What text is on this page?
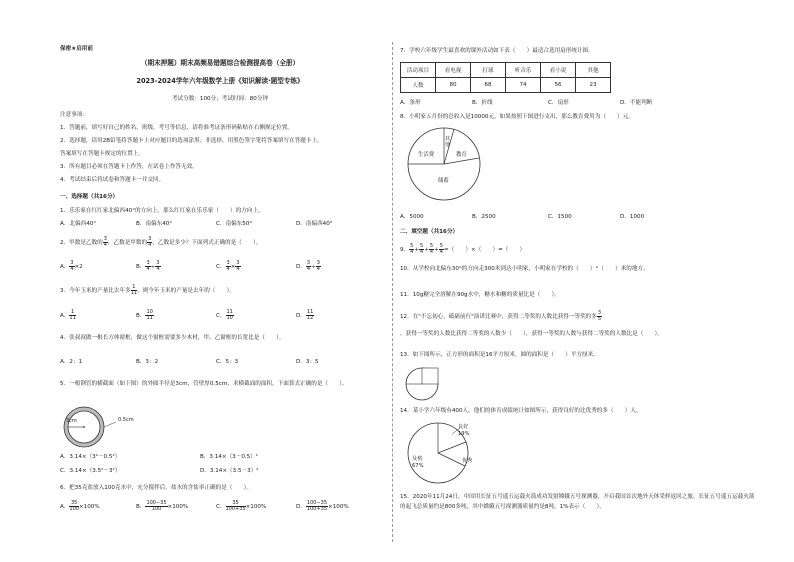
保密★启用前
（期末押题）期末高频易错题综合检测提高卷（全册）
2023-2024学年六年级数学上册《知识解读·题型专练》
考试分数：100分；考试时间：80分钟
注意事项：
1．答题前，填写好自己的姓名、班级、考号等信息，请将准考证条形码粘贴在右侧规定位置。
2．选择题，请用2B铅笔将答题卡上对应题目的选项涂黑；非选择，用黑色签字笔将答案填写在答题卡上。
答案填写在答题卡规定的位置上。
3．所有题目必须在答题卡上作答，在试卷上作答无效。
4．考试结束后将试卷和答题卡一并交回。
一、选择题（共16分）
1．乐乐家在红红家北偏西40°的方向上，那么红红家在乐乐家（　　）的方向上。
A．北偏西40°	B．南偏东40°	C．南偏东50°	D．南偏西40°
2．甲数是乙数的 $\frac{3}{4}$ ，乙数是甲数的 $\frac{3}{4}$ ，乙数是多少？下面列式正确的是（　　）。
A． $\frac{3}{4} \times 2$	B． $\frac{3}{4} \div \frac{3}{4}$	C． $\frac{3}{4} \times \frac{3}{4}$	D． $\frac{3}{4} \div \frac{3}{4}$
3．今年玉米的产量比去年多 $\frac{1}{11}$ ，则今年玉米的产量是去年的（　　）。
A． $\frac{1}{11}$	B． $\frac{10}{11}$	C． $\frac{11}{10}$	D． $\frac{11}{12}$
4．张叔叔做一根长方体窗框，做这个窗框需要多少木材，甲、乙窗框的长宽比是（　　）。
A．2：1	B．3：2	C．5：3	D．3：5
5．一根钢管的横截面（如下图）的外圆半径是3cm，管壁厚0.5cm，求横截面的面积，下面算式正确的是（　　）。
3cm	0.5cm
A．3.14×（3²－0.5²）	B．3.14×（3－0.5）²
C．3.14×（3.5²－3²）	D．3.14×（3.5－3）²
6．把35克盐放入100克水中，充分搅拌后，盐水的含盐率正确的是（　　）。
A． $\frac{35}{100} \times 100\%$	B． $\frac{100-35}{100} \times 100\%$	C． $\frac{35}{100+35} \times 100\%$	D． $\frac{100-35}{100+35} \times 100\%$
7．学校六年级学生最喜欢的课外活动如下表（　　）最适合选用扇形统计图。
活动项目	看电视	打球	听音乐	看小说	其他
人数	80	68	74	56	23
A．条形	B．折线	C．扇形	D．不能判断
8．小明家五月份的总收入是10000元，如果按照下图进行支出，那么教育费用为（　　）元。
教育
生活费
储蓄
其他
A．5000	B．2500	C．1500	D．1000
二、填空题（共16分）
9． $\frac{5}{4} + \frac{5}{4} + \frac{5}{4} + \frac{5}{4}$ =（　　）×（　　）=（　　）
10．从学校向北偏东30°的方向走300米到达小明家，小明家在学校的（　　）°（　　）米的地方。
11．10g糖完全溶解在90g水中，糖水和糖的质量比是（　　）。
12．在"不忘初心，砥砺前行"演讲比赛中，获得二等奖的人数比获得一等奖的多 $\frac{3}{5}$
，获得一等奖的人数比获得二等奖的人数少（　　），获得一等奖的人数与获得二等奖的人数比是（　　）。
13．如下图所示，正方形的面积是16平方厘米，圆的面积是（　　）平方厘米。
14．某小学六年级有400人，他们的体育成绩统计如图所示，获得良好的比优秀的多（　　）人。
良好
19%
优秀
及格
67%
15．2020年11月24日，中国用长征五号遥五运载火箭成功发射嫦娥五号探测器，开启我国首次地外天体采样返回之旅。长征五号遥五运载火箭的起飞总质量约是800多吨，其中嫦娥五号探测器质量约是8吨，1%表示（　　）。
